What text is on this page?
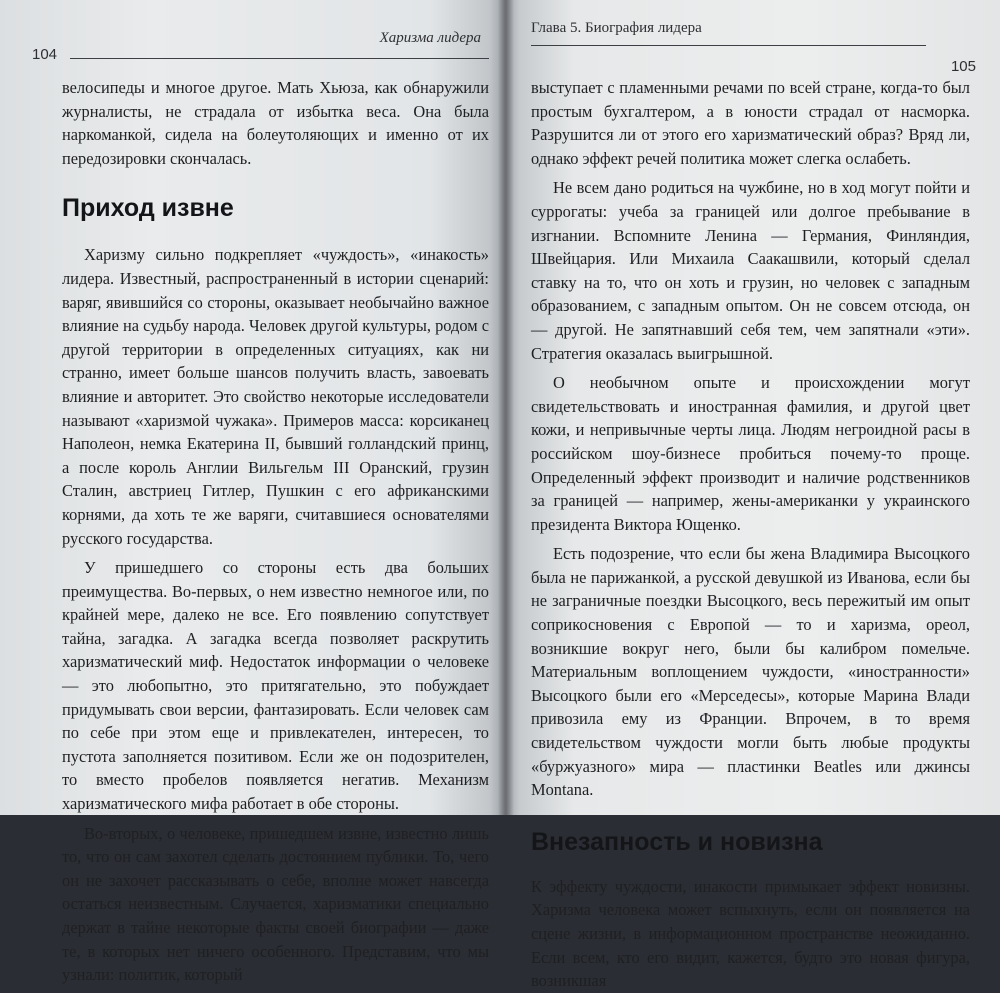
104
Харизма лидера

велосипеды и многое другое. Мать Хьюза, как обнаружили журналисты, не страдала от избытка веса. Она была наркоманкой, сидела на болеутоляющих и именно от их передозировки скончалась.

Приход извне

Харизму сильно подкрепляет «чуждость», «инакость» лидера. Известный, распространенный в истории сценарий: варяг, явившийся со стороны, оказывает необычайно важное влияние на судьбу народа. Человек другой культуры, родом с другой территории в определенных ситуациях, как ни странно, имеет больше шансов получить власть, завоевать влияние и авторитет. Это свойство некоторые исследователи называют «харизмой чужака». Примеров масса: корсиканец Наполеон, немка Екатерина II, бывший голландский принц, а после король Англии Вильгельм III Оранский, грузин Сталин, австриец Гитлер, Пушкин с его африканскими корнями, да хоть те же варяги, считавшиеся основателями русского государства.

У пришедшего со стороны есть два больших преимущества. Во-первых, о нем известно немногое или, по крайней мере, далеко не все. Его появлению сопутствует тайна, загадка. А загадка всегда позволяет раскрутить харизматический миф. Недостаток информации о человеке — это любопытно, это притягательно, это побуждает придумывать свои версии, фантазировать. Если человек сам по себе при этом еще и привлекателен, интересен, то пустота заполняется позитивом. Если же он подозрителен, то вместо пробелов появляется негатив. Механизм харизматического мифа работает в обе стороны.

Во-вторых, о человеке, пришедшем извне, известно лишь то, что он сам захотел сделать достоянием публики. То, чего он не захочет рассказывать о себе, вполне может навсегда остаться неизвестным. Случается, харизматики специально держат в тайне некоторые факты своей биографии — даже те, в которых нет ничего особенного. Представим, что мы узнали: политик, который

Глава 5. Биография лидера
105

выступает с пламенными речами по всей стране, когда-то был простым бухгалтером, а в юности страдал от насморка. Разрушится ли от этого его харизматический образ? Вряд ли, однако эффект речей политика может слегка ослабеть.

Не всем дано родиться на чужбине, но в ход могут пойти и суррогаты: учеба за границей или долгое пребывание в изгнании. Вспомните Ленина — Германия, Финляндия, Швейцария. Или Михаила Саакашвили, который сделал ставку на то, что он хоть и грузин, но человек с западным образованием, с западным опытом. Он не совсем отсюда, он — другой. Не запятнавший себя тем, чем запятнали «эти». Стратегия оказалась выигрышной.

О необычном опыте и происхождении могут свидетельствовать и иностранная фамилия, и другой цвет кожи, и непривычные черты лица. Людям негроидной расы в российском шоу-бизнесе пробиться почему-то проще. Определенный эффект производит и наличие родственников за границей — например, жены-американки у украинского президента Виктора Ющенко.

Есть подозрение, что если бы жена Владимира Высоцкого была не парижанкой, а русской девушкой из Иванова, если бы не заграничные поездки Высоцкого, весь пережитый им опыт соприкосновения с Европой — то и харизма, ореол, возникшие вокруг него, были бы калибром помельче. Материальным воплощением чуждости, «иностранности» Высоцкого были его «Мерседесы», которые Марина Влади привозила ему из Франции. Впрочем, в то время свидетельством чуждости могли быть любые продукты «буржуазного» мира — пластинки Beatles или джинсы Montana.

Внезапность и новизна

К эффекту чуждости, инакости примыкает эффект новизны. Харизма человека может вспыхнуть, если он появляется на сцене жизни, в информационном пространстве неожиданно. Если всем, кто его видит, кажется, будто это новая фигура, возникшая
